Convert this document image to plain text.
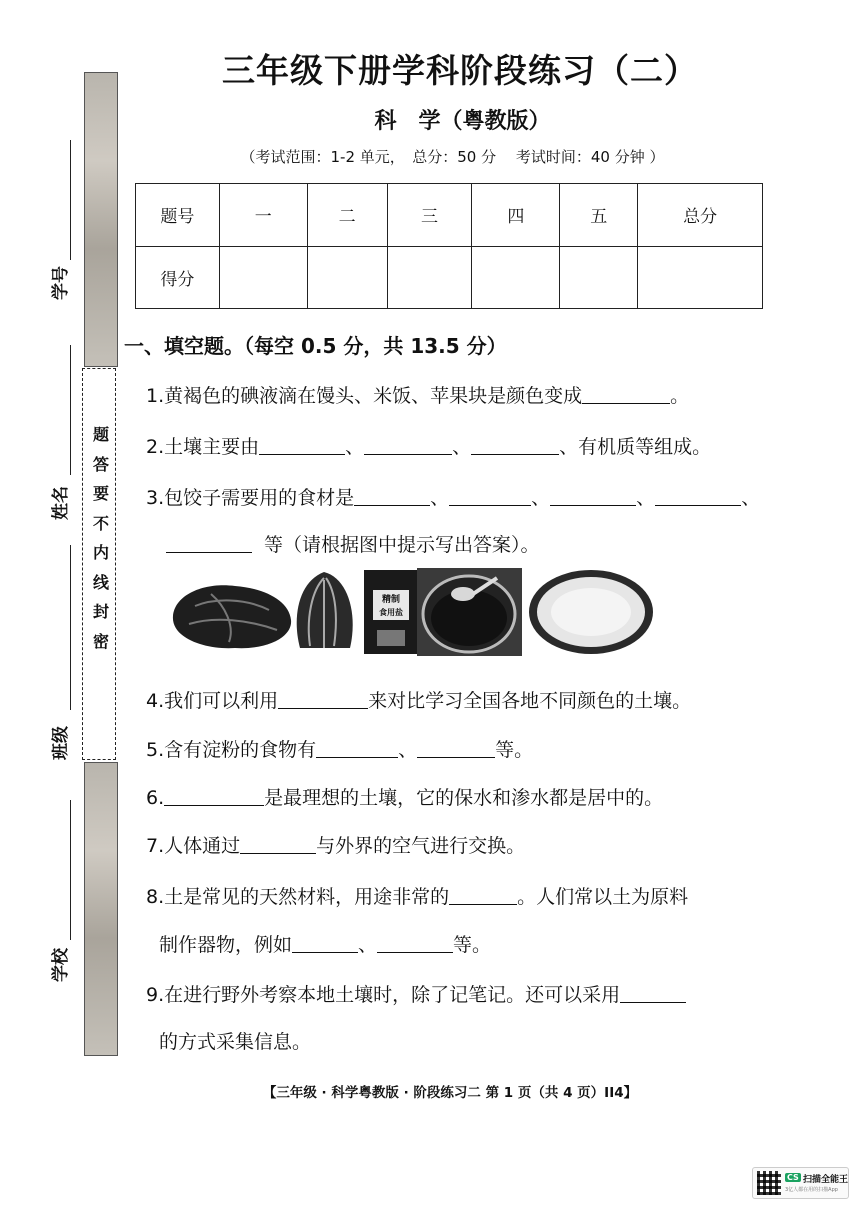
学号
姓名
班级
学校
题
答
要
不
内
线
封
密
三年级下册学科阶段练习（二）
科　学（粤教版）
（考试范围：1-2 单元，　总分：50 分　 考试时间：40 分钟 ）
题号	一	二	三	四	五	总分
得分						
一、填空题。（每空 0.5 分，共 13.5 分）
1.黄褐色的碘液滴在馒头、米饭、苹果块是颜色变成	。
2.土壤主要由	、	、	、有机质等组成。
3.包饺子需要用的食材是	、	、	、	、
等（请根据图中提示写出答案）。
精制
食用盐
4.我们可以利用	来对比学习全国各地不同颜色的土壤。
5.含有淀粉的食物有	、	等。
6.	是最理想的土壤，它的保水和渗水都是居中的。
7.人体通过	与外界的空气进行交换。
8.土是常见的天然材料，用途非常的	。人们常以土为原料
制作器物，例如	、	等。
9.在进行野外考察本地土壤时，除了记笔记。还可以采用
的方式采集信息。
【三年级 · 科学粤教版 · 阶段练习二 第 1 页（共 4 页）II4】
CS 扫描全能王
3亿人都在用的扫描App
